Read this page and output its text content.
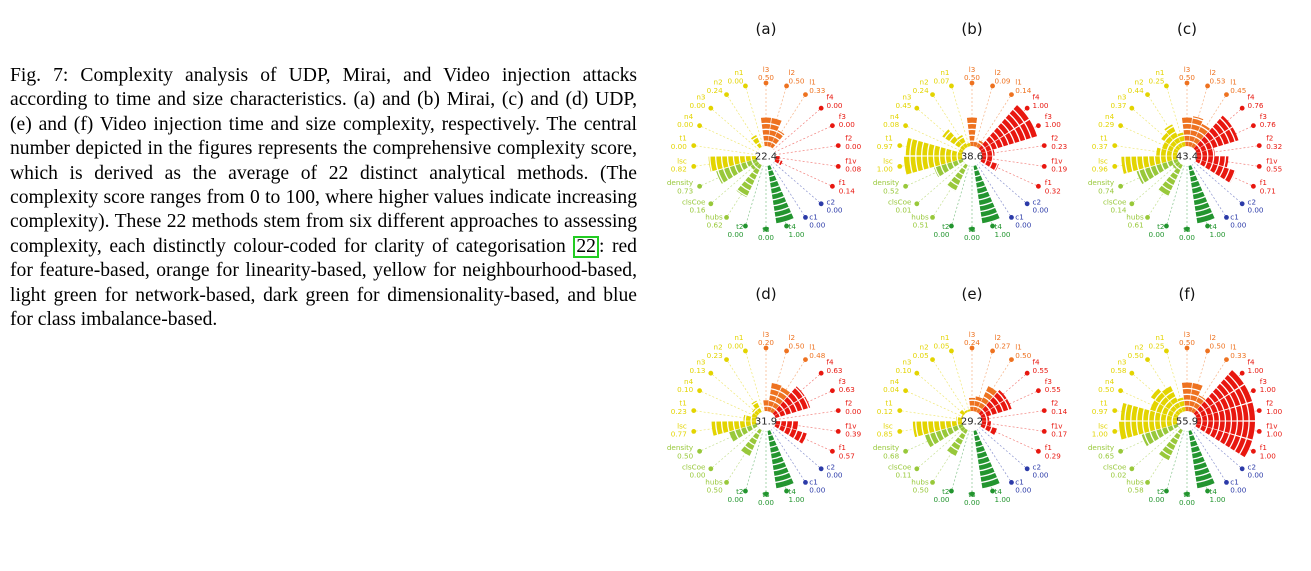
Fig. 7: Complexity analysis of UDP, Mirai, and Video injection attacks according to time and size characteristics. (a) and (b) Mirai, (c) and (d) UDP, (e) and (f) Video injection time and size complexity, respectively. The central number depicted in the figures represents the comprehensive complexity score, which is derived as the average of 22 distinct analytical methods. (The complexity score ranges from 0 to 100, where higher values indicate increasing complexity). These 22 methods stem from six different approaches to assessing complexity, each distinctly colour-coded for clarity of categorisation 22 : red for feature-based, orange for linearity-based, yellow for neighbourhood-based, light green for network-based, dark green for dimensionality-based, and blue for class imbalance-based.
(a)
l3 0.50
l2 0.50 l1 0.33
f4 0.00
f3 0.00
f2 0.00
f1v 0.08
f1 0.14
c2 0.00
c1 0.00
t4 1.00
t3 0.00
t2 0.00
hubs 0.62
clsCoe 0.16
density 0.73
lsc 0.82
t1 0.00
n4 0.00
n3 0.00
n2 0.24
n1 0.00
22.4
(b)
l3 0.50
l2 0.09 l1 0.14
f4 1.00
f3 1.00
f2 0.23
f1v 0.19
f1 0.32
c2 0.00
c1 0.00
t4 1.00
t3 0.00
t2 0.00
hubs 0.51
clsCoe 0.01
density 0.52
lsc 1.00
t1 0.97
n4 0.08
n3 0.45
n2 0.24
n1 0.07
38.6
(c)
l3 0.50
l2 0.53 l1 0.45
f4 0.76
f3 0.76
f2 0.32
f1v 0.55
f1 0.71
c2 0.00
c1 0.00
t4 1.00
t3 0.00
t2 0.00
hubs 0.61
clsCoe 0.14
density 0.74
lsc 0.96
t1 0.37
n4 0.29
n3 0.37
n2 0.44
n1 0.25
43.4
(d)
l3 0.20
l2 0.50 l1 0.48
f4 0.63
f3 0.63
f2 0.00
f1v 0.39
f1 0.57
c2 0.00
c1 0.00
t4 1.00
t3 0.00
t2 0.00
hubs 0.50
clsCoe 0.00
density 0.50
lsc 0.77
t1 0.23
n4 0.10
n3 0.13
n2 0.23
n1 0.00
31.9
(e)
l3 0.24
l2 0.27 l1 0.50
f4 0.55
f3 0.55
f2 0.14
f1v 0.17
f1 0.29
c2 0.00
c1 0.00
t4 1.00
t3 0.00
t2 0.00
hubs 0.50
clsCoe 0.11
density 0.68
lsc 0.85
t1 0.12
n4 0.04
n3 0.10
n2 0.05
n1 0.05
29.2
(f)
l3 0.50
l2 0.50 l1 0.33
f4 1.00
f3 1.00
f2 1.00
f1v 1.00
f1 1.00
c2 0.00
c1 0.00
t4 1.00
t3 0.00
t2 0.00
hubs 0.58
clsCoe 0.02
density 0.65
lsc 1.00
t1 0.97
n4 0.50
n3 0.58
n2 0.50
n1 0.25
55.9
